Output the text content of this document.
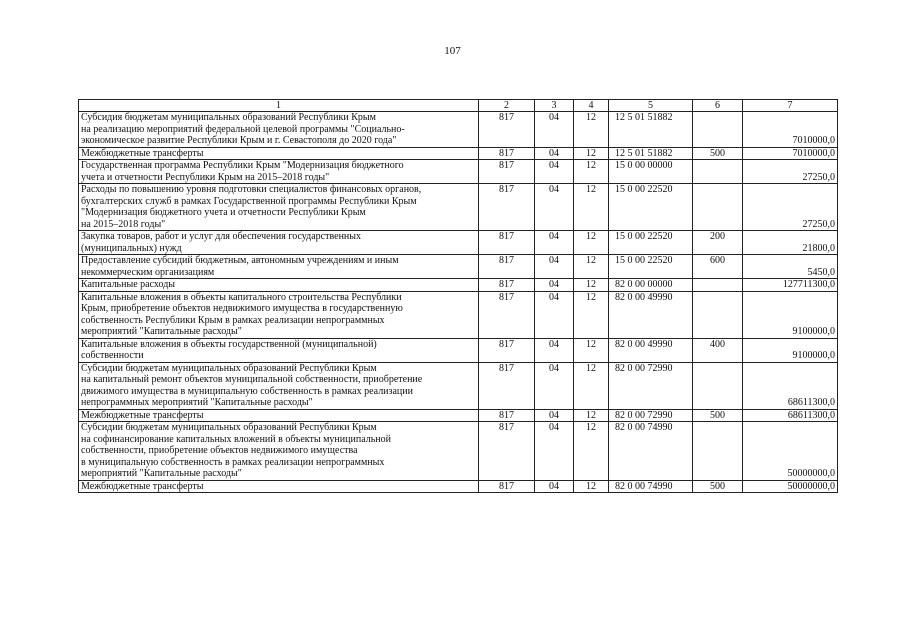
107
1	2	3	4	5	6	7
Субсидия бюджетам муниципальных образований Республики Крым
на реализацию мероприятий федеральной целевой программы "Социально-
экономическое развитие Республики Крым и г. Севастополя до 2020 года"	817	04	12	12 5 01 51882		7010000,0
Межбюджетные трансферты	817	04	12	12 5 01 51882	500	7010000,0
Государственная программа Республики Крым "Модернизация бюджетного
учета и отчетности Республики Крым на 2015–2018 годы"	817	04	12	15 0 00 00000		27250,0
Расходы по повышению уровня подготовки специалистов финансовых органов,
бухгалтерских служб в рамках Государственной программы Республики Крым
"Модернизация бюджетного учета и отчетности Республики Крым
на 2015–2018 годы"	817	04	12	15 0 00 22520		27250,0
Закупка товаров, работ и услуг для обеспечения государственных
(муниципальных) нужд	817	04	12	15 0 00 22520	200	21800,0
Предоставление субсидий бюджетным, автономным учреждениям и иным
некоммерческим организациям	817	04	12	15 0 00 22520	600	5450,0
Капитальные расходы	817	04	12	82 0 00 00000		127711300,0
Капитальные вложения в объекты капитального строительства Республики
Крым, приобретение объектов недвижимого имущества в государственную
собственность Республики Крым в рамках реализации непрограммных
мероприятий "Капитальные расходы"	817	04	12	82 0 00 49990		9100000,0
Капитальные вложения в объекты государственной (муниципальной)
собственности	817	04	12	82 0 00 49990	400	9100000,0
Субсидии бюджетам муниципальных образований Республики Крым
на капитальный ремонт объектов муниципальной собственности, приобретение
движимого имущества в муниципальную собственность в рамках реализации
непрограммных мероприятий "Капитальные расходы"	817	04	12	82 0 00 72990		68611300,0
Межбюджетные трансферты	817	04	12	82 0 00 72990	500	68611300,0
Субсидии бюджетам муниципальных образований Республики Крым
на софинансирование капитальных вложений в объекты муниципальной
собственности, приобретение объектов недвижимого имущества
в муниципальную собственность в рамках реализации непрограммных
мероприятий "Капитальные расходы"	817	04	12	82 0 00 74990		50000000,0
Межбюджетные трансферты	817	04	12	82 0 00 74990	500	50000000,0
